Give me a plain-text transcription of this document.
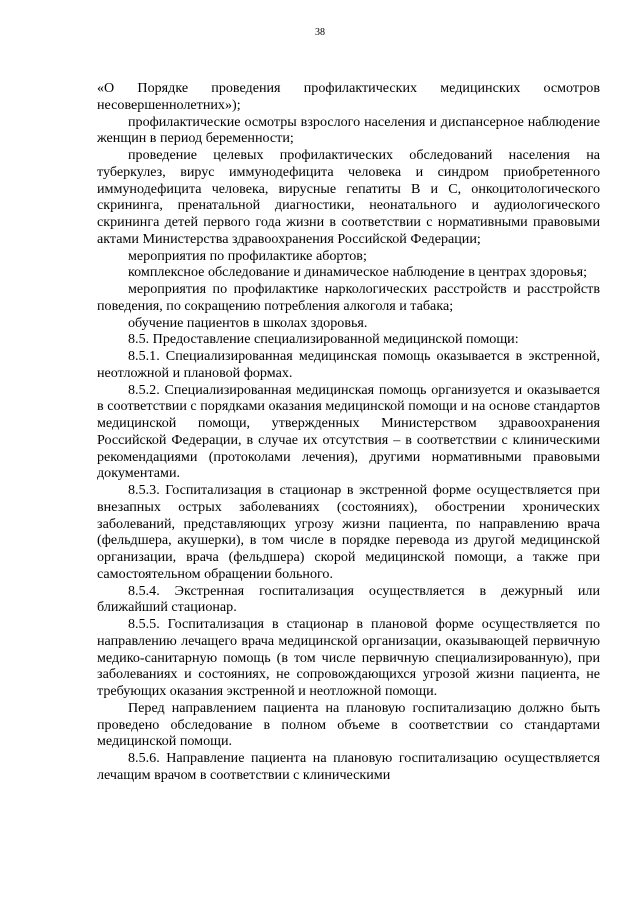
38

«О Порядке проведения профилактических медицинских осмотров несовершеннолетних»);

профилактические осмотры взрослого населения и диспансерное наблюдение женщин в период беременности;

проведение целевых профилактических обследований населения на туберкулез, вирус иммунодефицита человека и синдром приобретенного иммунодефицита человека, вирусные гепатиты В и С, онкоцитологического скрининга, пренатальной диагностики, неонатального и аудиологического скрининга детей первого года жизни в соответствии с нормативными правовыми актами Министерства здравоохранения Российской Федерации;

мероприятия по профилактике абортов;

комплексное обследование и динамическое наблюдение в центрах здоровья;

мероприятия по профилактике наркологических расстройств и расстройств поведения, по сокращению потребления алкоголя и табака;

обучение пациентов в школах здоровья.

8.5. Предоставление специализированной медицинской помощи:

8.5.1. Специализированная медицинская помощь оказывается в экстренной, неотложной и плановой формах.

8.5.2. Специализированная медицинская помощь организуется и оказывается в соответствии с порядками оказания медицинской помощи и на основе стандартов медицинской помощи, утвержденных Министерством здравоохранения Российской Федерации, в случае их отсутствия – в соответствии с клиническими рекомендациями (протоколами лечения), другими нормативными правовыми документами.

8.5.3. Госпитализация в стационар в экстренной форме осуществляется при внезапных острых заболеваниях (состояниях), обострении хронических заболеваний, представляющих угрозу жизни пациента, по направлению врача (фельдшера, акушерки), в том числе в порядке перевода из другой медицинской организации, врача (фельдшера) скорой медицинской помощи, а также при самостоятельном обращении больного.

8.5.4. Экстренная госпитализация осуществляется в дежурный или ближайший стационар.

8.5.5. Госпитализация в стационар в плановой форме осуществляется по направлению лечащего врача медицинской организации, оказывающей первичную медико-санитарную помощь (в том числе первичную специализированную), при заболеваниях и состояниях, не сопровождающихся угрозой жизни пациента, не требующих оказания экстренной и неотложной помощи.

Перед направлением пациента на плановую госпитализацию должно быть проведено обследование в полном объеме в соответствии со стандартами медицинской помощи.

8.5.6. Направление пациента на плановую госпитализацию осуществляется лечащим врачом в соответствии с клиническими
